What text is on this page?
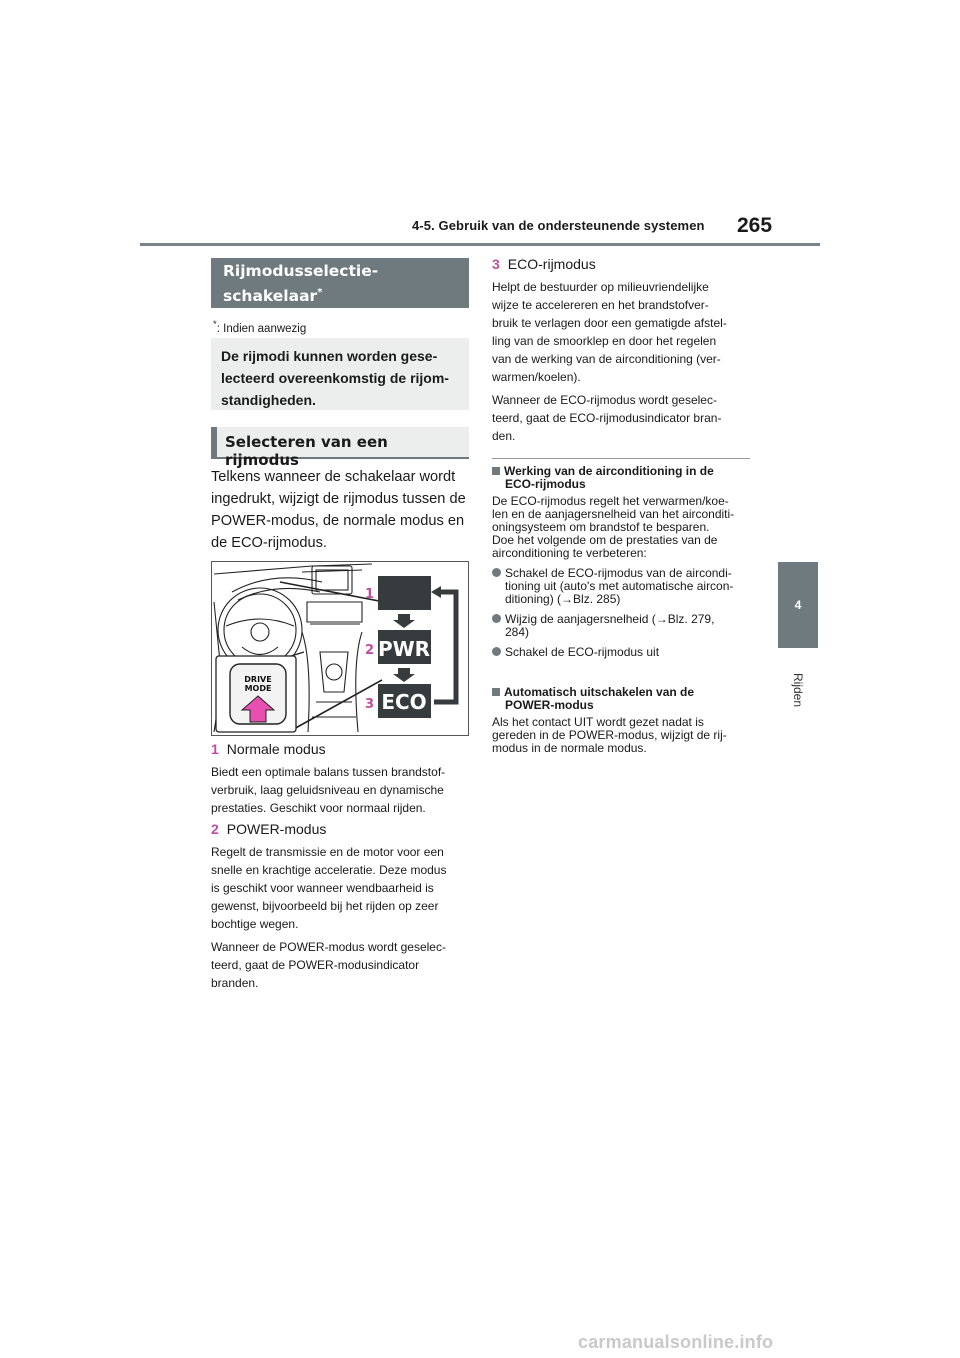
4-5. Gebruik van de ondersteunende systemen 265
4
Rijden
Rijmodusselectie-
schakelaar*
*: Indien aanwezig
De rijmodi kunnen worden gese-
lecteerd overeenkomstig de rijom-
standigheden.
Selecteren van een rijmodus
Telkens wanneer de schakelaar wordt
ingedrukt, wijzigt de rijmodus tussen de
POWER-modus, de normale modus en
de ECO-rijmodus.
DRIVE
MODE
PWR
ECO
1
2
3
1 Normale modus
Biedt een optimale balans tussen brandstof-
verbruik, laag geluidsniveau en dynamische
prestaties. Geschikt voor normaal rijden.
2 POWER-modus
Regelt de transmissie en de motor voor een
snelle en krachtige acceleratie. Deze modus
is geschikt voor wanneer wendbaarheid is
gewenst, bijvoorbeeld bij het rijden op zeer
bochtige wegen.
Wanneer de POWER-modus wordt geselec-
teerd, gaat de POWER-modusindicator
branden.
3 ECO-rijmodus
Helpt de bestuurder op milieuvriendelijke
wijze te accelereren en het brandstofver-
bruik te verlagen door een gematigde afstel-
ling van de smoorklep en door het regelen
van de werking van de airconditioning (ver-
warmen/koelen).
Wanneer de ECO-rijmodus wordt geselec-
teerd, gaat de ECO-rijmodusindicator bran-
den.
Werking van de airconditioning in de
ECO-rijmodus
De ECO-rijmodus regelt het verwarmen/koe-
len en de aanjagersnelheid van het airconditi-
oningsysteem om brandstof te besparen.
Doe het volgende om de prestaties van de
airconditioning te verbeteren:
Schakel de ECO-rijmodus van de aircondi-
tioning uit (auto's met automatische aircon-
ditioning) (→Blz. 285)
Wijzig de aanjagersnelheid (→Blz. 279,
284)
Schakel de ECO-rijmodus uit
Automatisch uitschakelen van de
POWER-modus
Als het contact UIT wordt gezet nadat is
gereden in de POWER-modus, wijzigt de rij-
modus in de normale modus.
carmanualsonline.info
